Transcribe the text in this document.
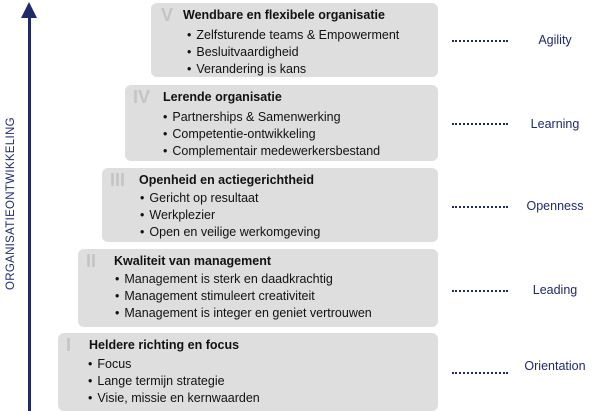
ORGANISATIEONTWIKKELING
V Wendbare en flexibele organisatie
• Zelfsturende teams & Empowerment
• Besluitvaardigheid
• Verandering is kans
Agility
IV Lerende organisatie
• Partnerships & Samenwerking
• Competentie-ontwikkeling
• Complementair medewerkersbestand
Learning
III Openheid en actiegerichtheid
• Gericht op resultaat
• Werkplezier
• Open en veilige werkomgeving
Openness
II Kwaliteit van management
• Management is sterk en daadkrachtig
• Management stimuleert creativiteit
• Management is integer en geniet vertrouwen
Leading
I Heldere richting en focus
• Focus
• Lange termijn strategie
• Visie, missie en kernwaarden
Orientation
